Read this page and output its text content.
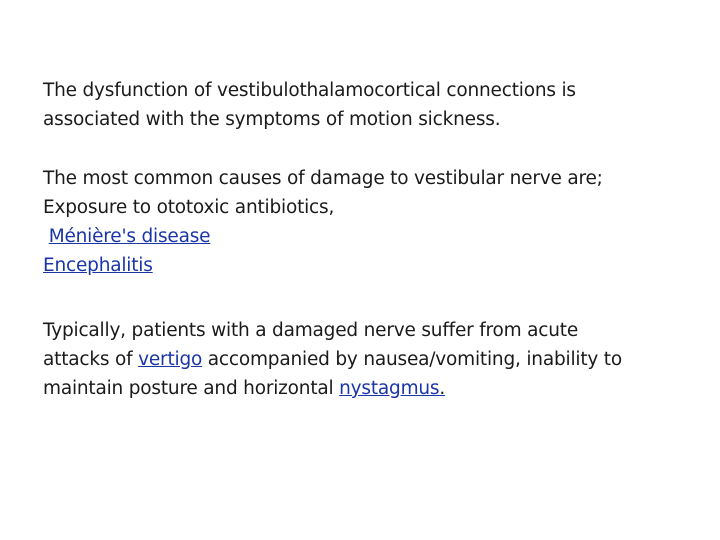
The dysfunction of vestibulothalamocortical connections is

associated with the symptoms of motion sickness.

The most common causes of damage to vestibular nerve are;

Exposure to ototoxic antibiotics,

Ménière's disease

Encephalitis

Typically, patients with a damaged nerve suffer from acute

attacks of vertigo accompanied by nausea/vomiting, inability to

maintain posture and horizontal nystagmus.
